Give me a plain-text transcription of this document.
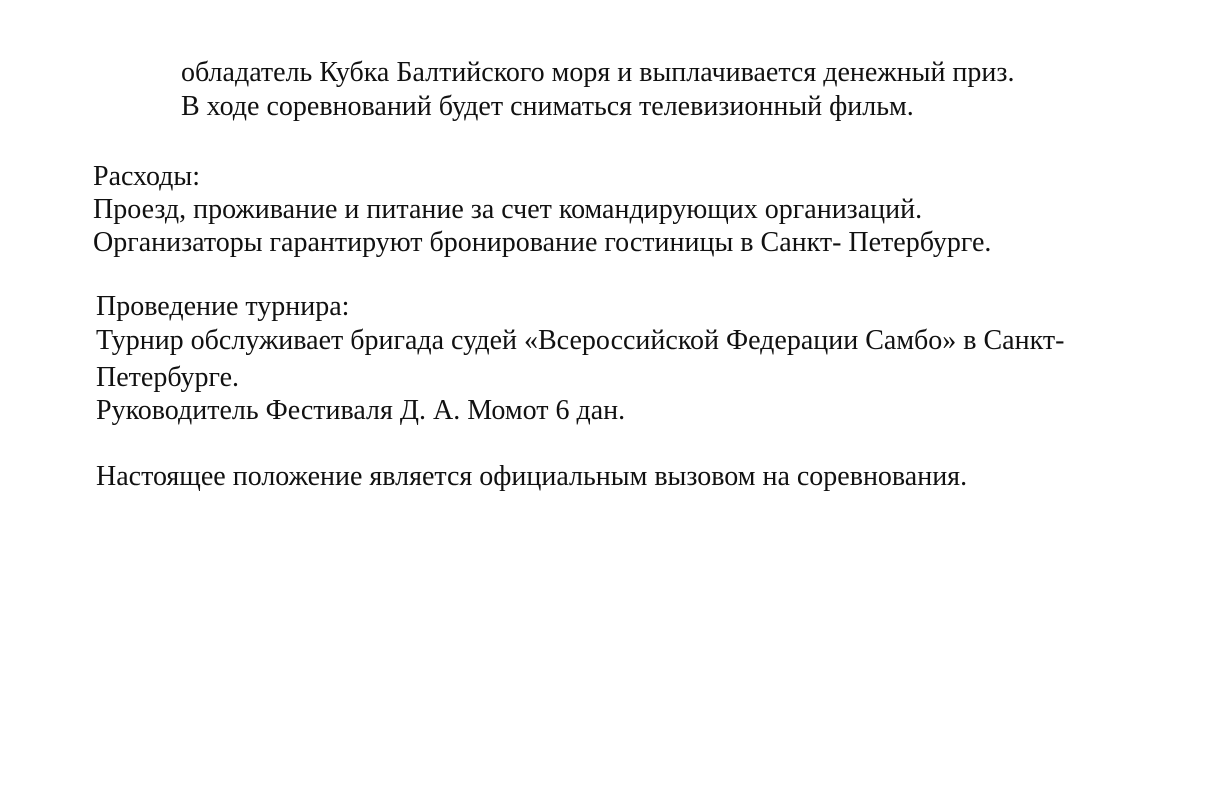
обладатель Кубка Балтийского моря и выплачивается денежный приз.
В ходе соревнований будет сниматься телевизионный фильм.
Расходы:
Проезд, проживание и питание за счет командирующих организаций.
Организаторы гарантируют бронирование гостиницы в Санкт- Петербурге.
Проведение турнира:
Турнир обслуживает бригада судей «Всероссийской Федерации Самбо» в Санкт-
Петербурге.
Руководитель Фестиваля Д. А. Момот 6 дан.
Настоящее положение является официальным вызовом на соревнования.
